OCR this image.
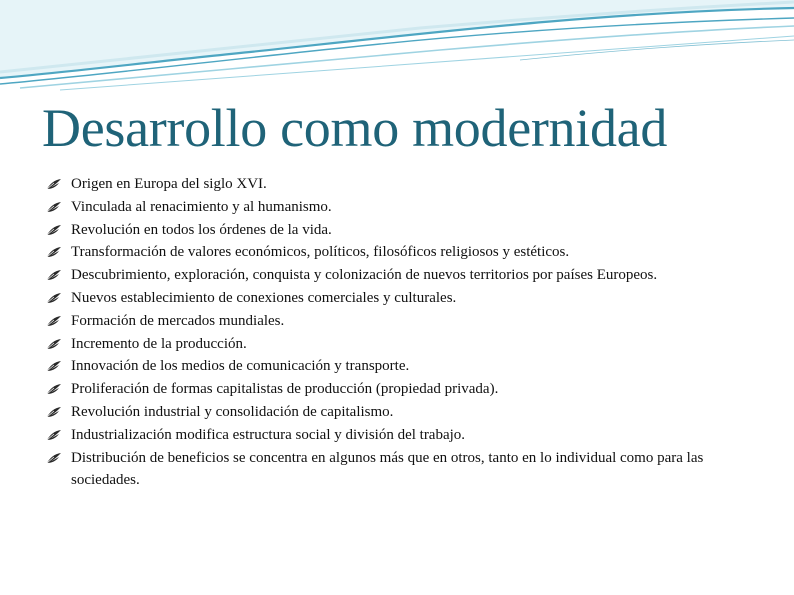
Desarrollo como modernidad
Origen en Europa del siglo XVI.
Vinculada al renacimiento y al humanismo.
Revolución en todos los órdenes de la vida.
Transformación de valores económicos, políticos, filosóficos religiosos y estéticos.
Descubrimiento, exploración, conquista y colonización de nuevos territorios por países Europeos.
Nuevos establecimiento de conexiones comerciales y culturales.
Formación de mercados mundiales.
Incremento de la producción.
Innovación de los medios de comunicación y transporte.
Proliferación de formas capitalistas de producción (propiedad privada).
Revolución industrial y consolidación de capitalismo.
Industrialización modifica estructura social y división del trabajo.
Distribución de beneficios se concentra en algunos más que en otros, tanto en lo individual como para las sociedades.
